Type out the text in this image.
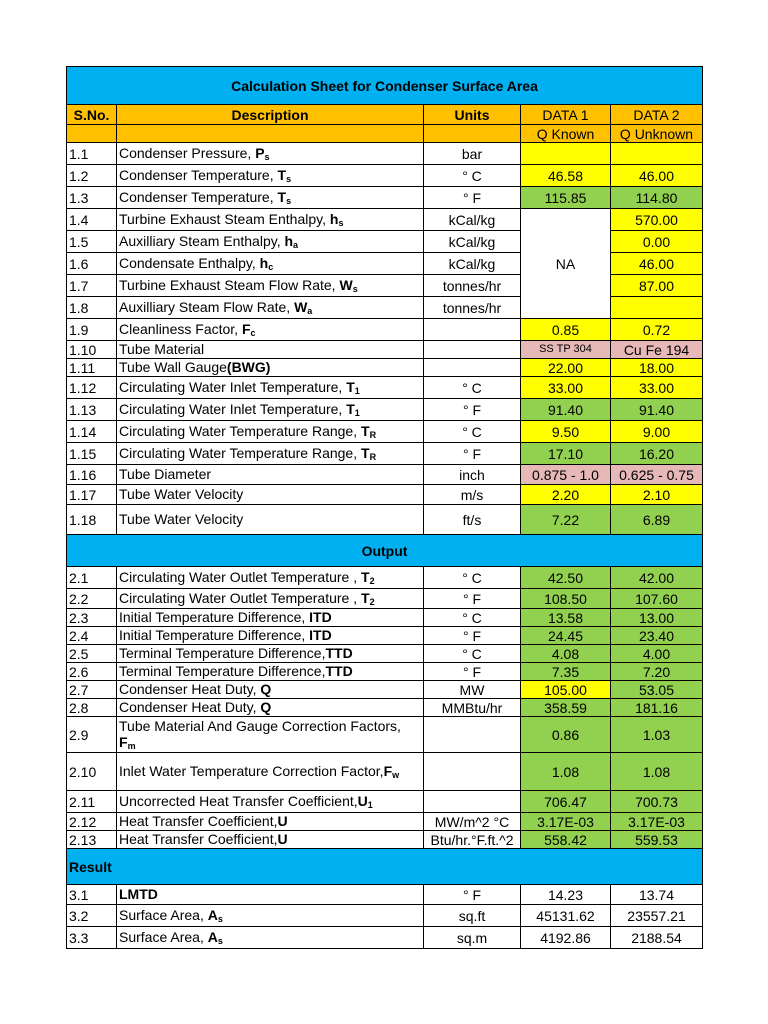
Calculation Sheet for Condenser Surface Area				
S.No.	Description	Units	DATA 1	DATA 2
			Q Known	Q Unknown
1.1	Condenser Pressure, $P_s$	bar		
1.2	Condenser Temperature, $T_s$	° C	46.58	46.00
1.3	Condenser Temperature, $T_s$	° F	115.85	114.80
1.4	Turbine Exhaust Steam Enthalpy, $h_s$	kCal/kg	NA	570.00
1.5	Auxilliary Steam Enthalpy, $h_a$	kCal/kg		0.00
1.6	Condensate Enthalpy, $h_c$	kCal/kg		46.00
1.7	Turbine Exhaust Steam Flow Rate, $W_s$	tonnes/hr		87.00
1.8	Auxilliary Steam Flow Rate, $W_a$	tonnes/hr		
1.9	Cleanliness Factor, $F_c$		0.85	0.72
1.10	Tube Material		SS TP 304	Cu Fe 194
1.11	Tube Wall Gauge(BWG)		22.00	18.00
1.12	Circulating Water Inlet Temperature, $T_1$	° C	33.00	33.00
1.13	Circulating Water Inlet Temperature, $T_1$	° F	91.40	91.40
1.14	Circulating Water Temperature Range, $T_R$	° C	9.50	9.00
1.15	Circulating Water Temperature Range, $T_R$	° F	17.10	16.20
1.16	Tube Diameter	inch	0.875 - 1.0	0.625 - 0.75
1.17	Tube Water Velocity	m/s	2.20	2.10
1.18	Tube Water Velocity	ft/s	7.22	6.89
Output				
2.1	Circulating Water Outlet Temperature , $T_2$	° C	42.50	42.00
2.2	Circulating Water Outlet Temperature , $T_2$	° F	108.50	107.60
2.3	Initial Temperature Difference, ITD	° C	13.58	13.00
2.4	Initial Temperature Difference, ITD	° F	24.45	23.40
2.5	Terminal Temperature Difference,TTD	° C	4.08	4.00
2.6	Terminal Temperature Difference,TTD	° F	7.35	7.20
2.7	Condenser Heat Duty, Q	MW	105.00	53.05
2.8	Condenser Heat Duty, Q	MMBtu/hr	358.59	181.16
2.9	Tube Material And Gauge Correction Factors, $F_m$		0.86	1.03
2.10	Inlet Water Temperature Correction $Factor,F_w$		1.08	1.08
2.11	Uncorrected Heat Transfer $Coefficient,U_1$		706.47	700.73
2.12	Heat Transfer Coefficient,U	MW/m^2 °C	3.17E-03	3.17E-03
2.13	Heat Transfer Coefficient,U	Btu/hr.°F.ft.^2	558.42	559.53
Result				
3.1	LMTD	° F	14.23	13.74
3.2	Surface Area, $A_s$	sq.ft	45131.62	23557.21
3.3	Surface Area, $A_s$	sq.m	4192.86	2188.54
